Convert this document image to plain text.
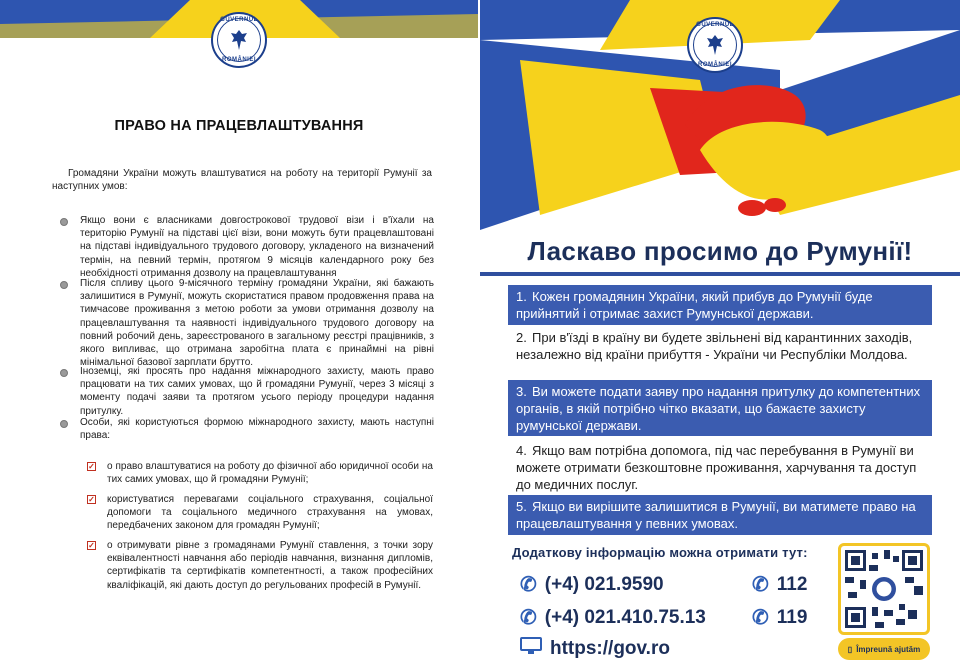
GUVERNUL
ROMÂNIEI
ПРАВО НА ПРАЦЕВЛАШТУВАННЯ
Громадяни України можуть влаштуватися на роботу на території Румунії за наступних умов:
Якщо вони є власниками довгострокової трудової візи і в'їхали на територію Румунії на підставі цієї візи, вони можуть бути працевлаштовані на підставі індивідуального трудового договору, укладеного на визначений термін, на певний термін, протягом 9 місяців календарного року без необхідності отримання дозволу на працевлаштування
Після спливу цього 9-місячного терміну громадяни України, які бажають залишитися в Румунії, можуть скористатися правом продовження права на тимчасове проживання з метою роботи за умови отримання дозволу на працевлаштування та наявності індивідуального трудового договору на повний робочий день, зареєстрованого в загальному реєстрі працівників, з якого випливає, що отримана заробітна плата є принаймні на рівні мінімальної базової зарплати брутто.
Іноземці, які просять про надання міжнародного захисту, мають право працювати на тих самих умовах, що й громадяни Румунії, через 3 місяці з моменту подачі заяви та протягом усього періоду процедури надання притулку.
Особи, які користуються формою міжнародного захисту, мають наступні права:
✓ о право влаштуватися на роботу до фізичної або юридичної особи на тих самих умовах, що й громадяни Румунії;
✓ користуватися перевагами соціального страхування, соціальної допомоги та соціального медичного страхування на умовах, передбачених законом для громадян Румунії;
✓ о отримувати рівне з громадянами Румунії ставлення, з точки зору еквівалентності навчання або періодів навчання, визнання дипломів, сертифікатів та сертифікатів компетентності, а також професійних кваліфікацій, які дають доступ до регульованих професій в Румунії.
GUVERNUL
ROMÂNIEI
Ласкаво просимо до Румунії!
1. Кожен громадянин України, який прибув до Румунії буде прийнятий і отримає захист Румунської держави.
2. При в'їзді в країну ви будете звільнені від карантинних заходів, незалежно від країни прибуття - України чи Республіки Молдова.
3. Ви можете подати заяву про надання притулку до компетентних органів, в якій потрібно чітко вказати, що бажаєте захисту румунської держави.
4. Якщо вам потрібна допомога, під час перебування в Румунії ви можете отримати безкоштовне проживання, харчування та доступ до медичних послуг.
5. Якщо ви вирішите залишитися в Румунії, ви матимете право на працевлаштування у певних умовах.
Додаткову інформацію можна отримати тут:
✆ (+4) 021.9590
✆ (+4) 021.410.75.13
✆ 112
✆ 119
https://gov.ro	▯ Împreună ajutăm
